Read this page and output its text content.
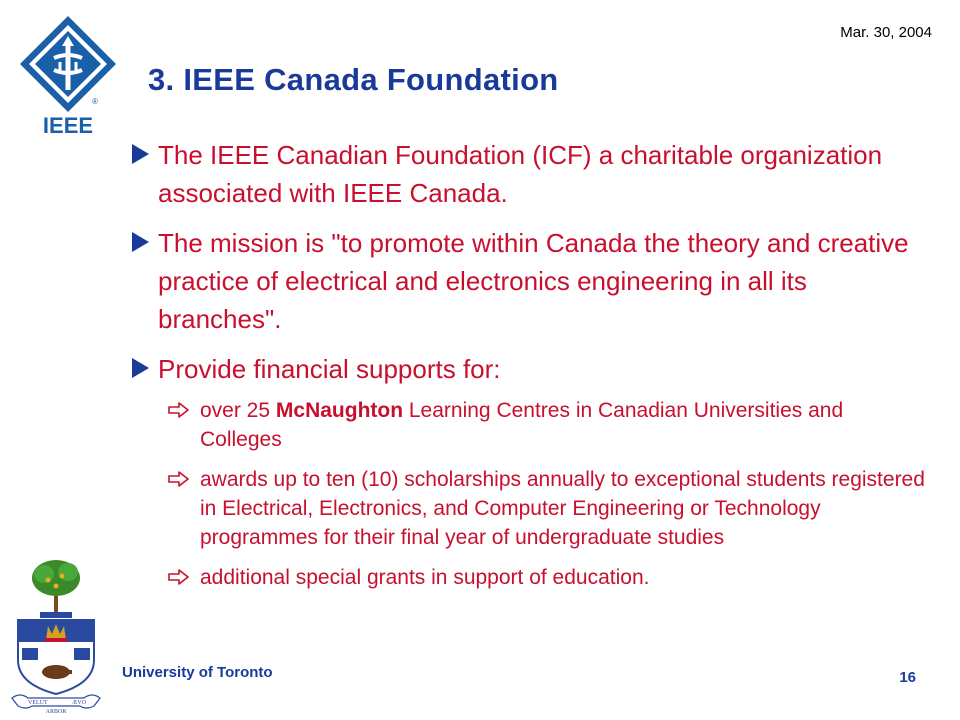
Mar. 30, 2004
®
IEEE
3. IEEE Canada Foundation
The IEEE Canadian Foundation (ICF) a charitable organization associated with IEEE Canada.
The mission is "to promote within Canada the theory and creative practice of electrical and electronics engineering in all its branches".
Provide financial supports for:
over 25 McNaughton Learning Centres in Canadian Universities and Colleges
awards up to ten (10) scholarships annually to exceptional students registered in Electrical, Electronics, and Computer Engineering or Technology programmes for their final year of undergraduate studies
additional special grants in support of education.
VELUT	ÆVO
ARBOR
University of Toronto	16
